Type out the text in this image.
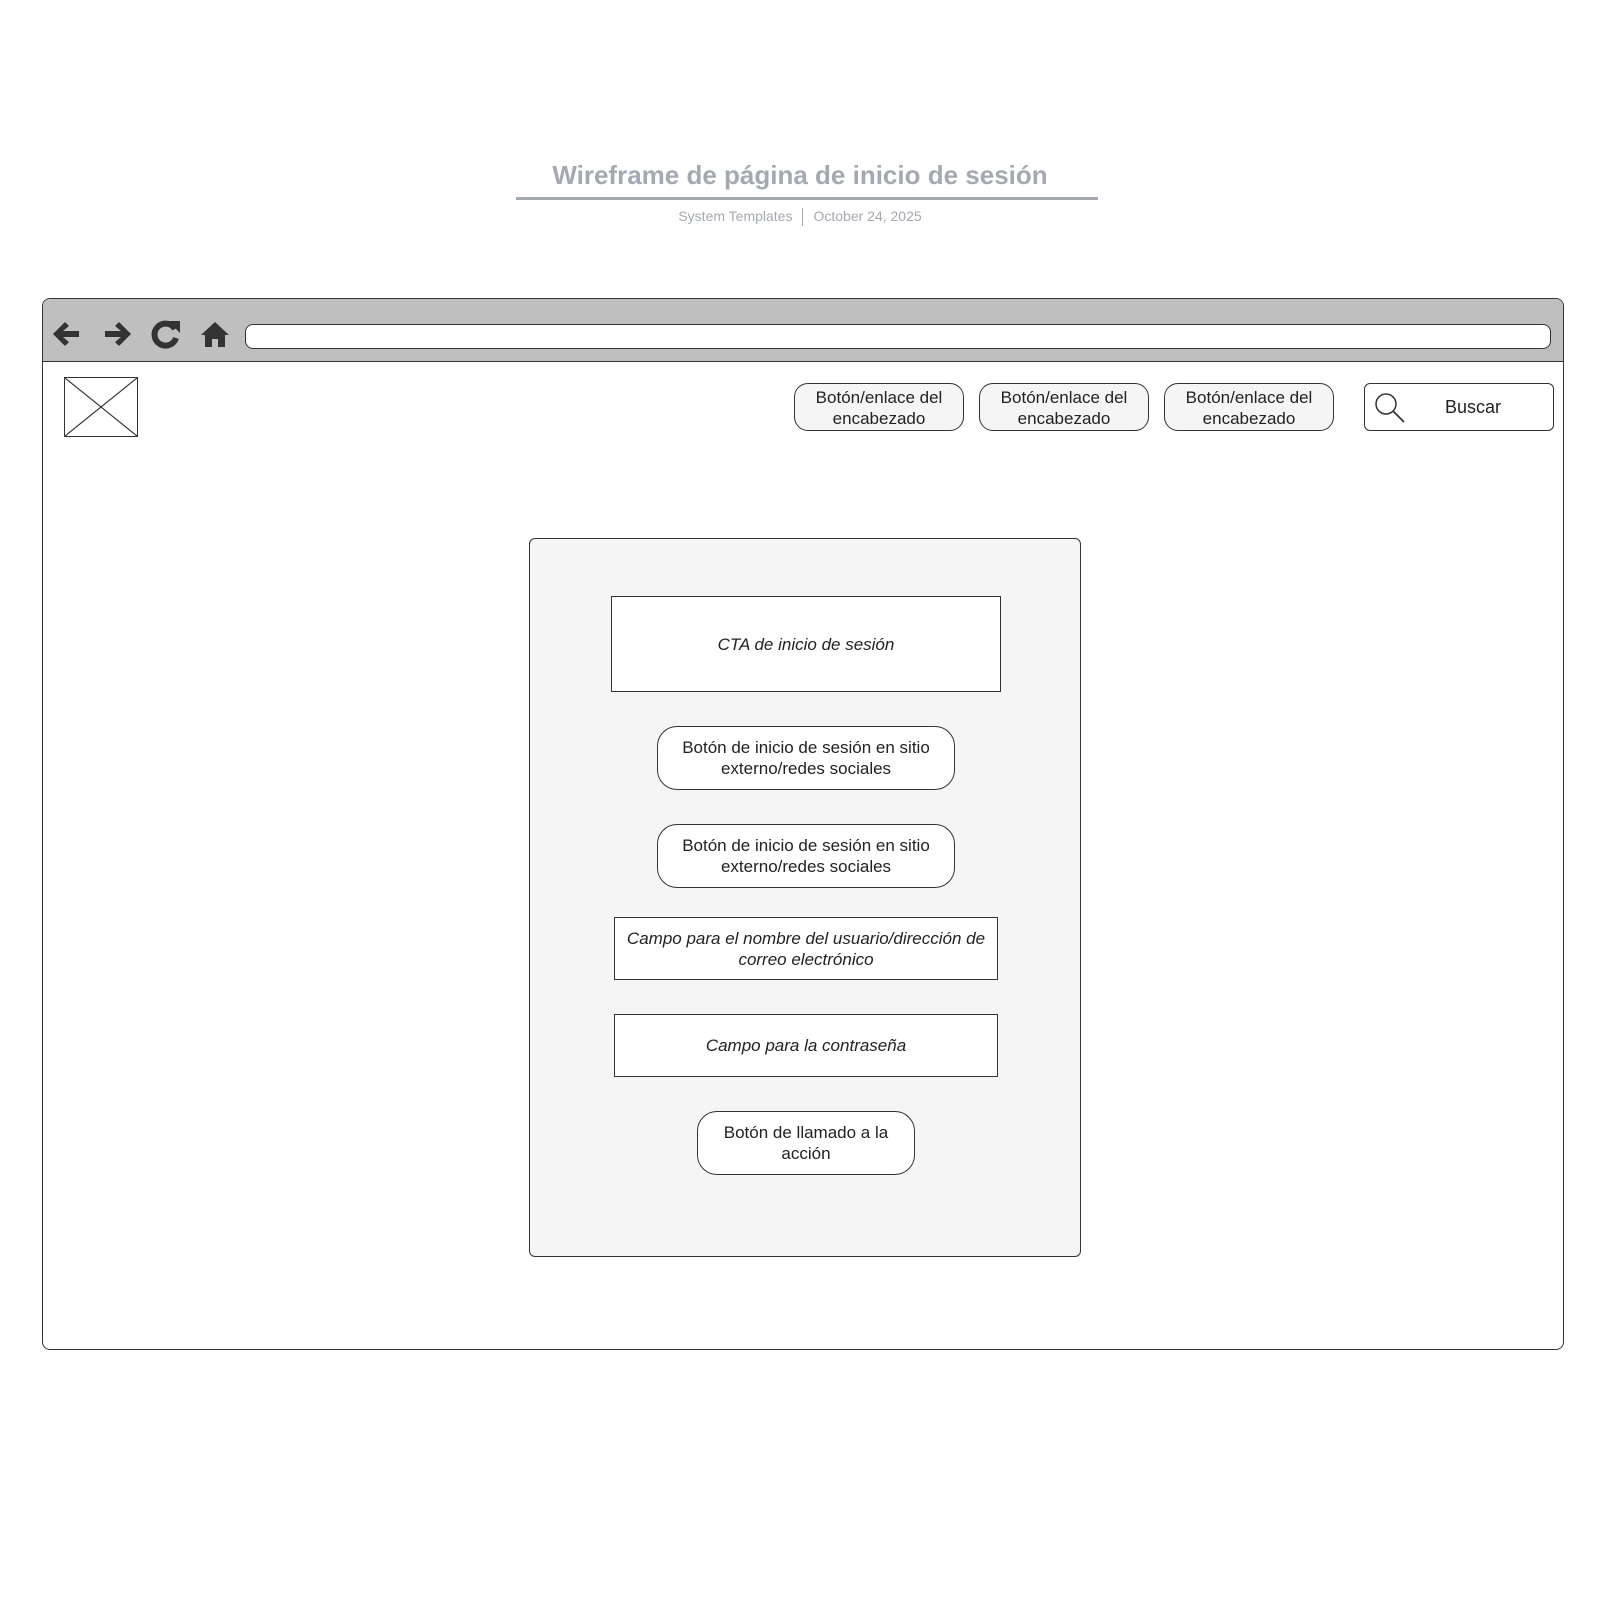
Wireframe de página de inicio de sesión
System Templates October 24, 2025
Botón/enlace del encabezado
Botón/enlace del encabezado
Botón/enlace del encabezado
Buscar
CTA de inicio de sesión
Botón de inicio de sesión en sitio externo/redes sociales
Botón de inicio de sesión en sitio externo/redes sociales
Campo para el nombre del usuario/dirección de correo electrónico
Campo para la contraseña
Botón de llamado a la acción
